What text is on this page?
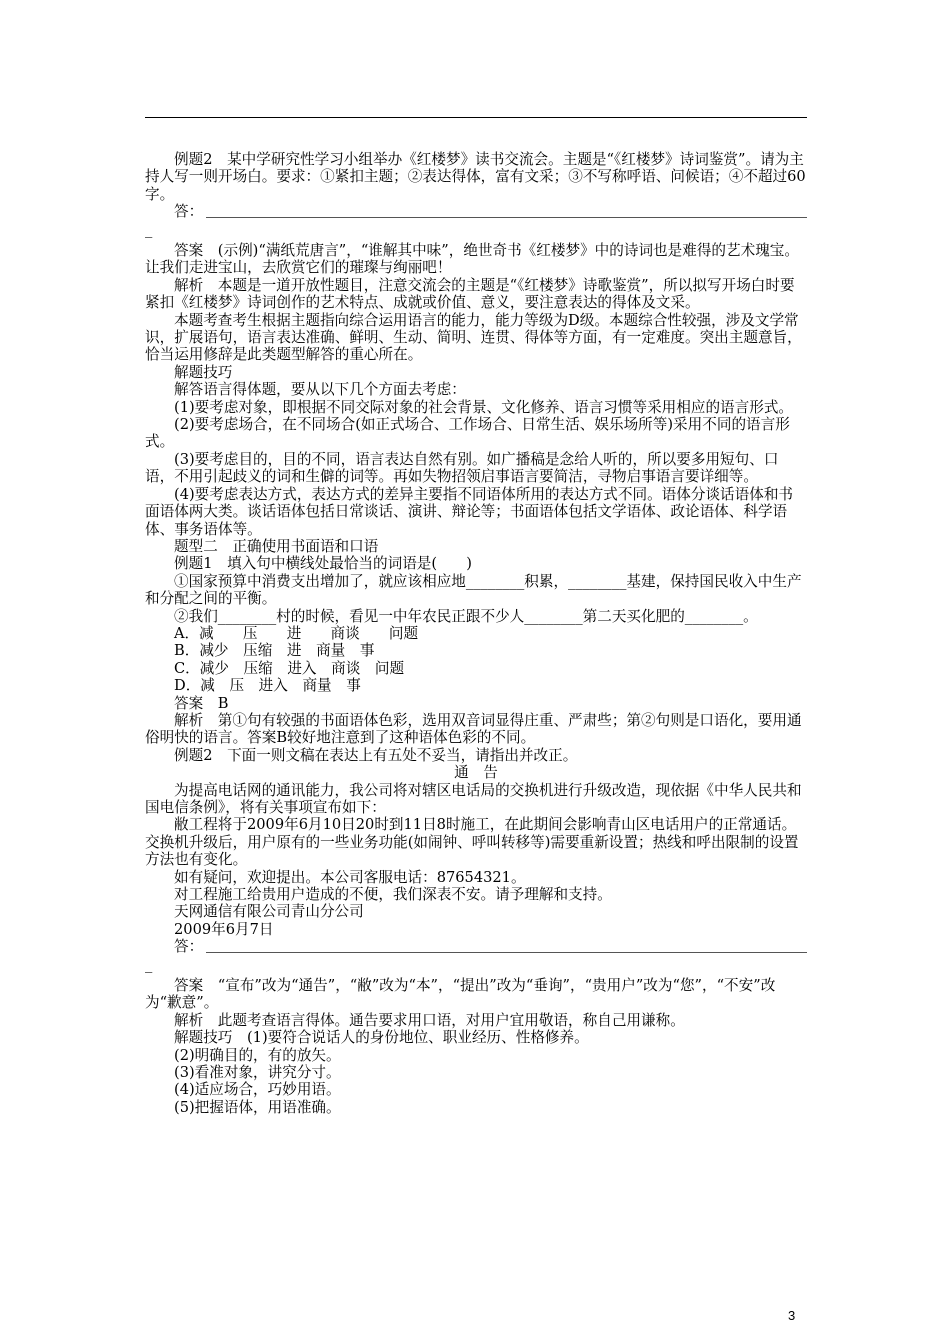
例题2　某中学研究性学习小组举办《红楼梦》读书交流会。主题是“《红楼梦》诗词鉴赏”。请为主持人写一则开场白。要求：①紧扣主题；②表达得体，富有文采；③不写称呼语、问候语；④不超过60字。

答：
_

答案　(示例)“满纸荒唐言”，“谁解其中味”，绝世奇书《红楼梦》中的诗词也是难得的艺术瑰宝。让我们走进宝山，去欣赏它们的璀璨与绚丽吧！

解析　本题是一道开放性题目，注意交流会的主题是“《红楼梦》诗歌鉴赏”，所以拟写开场白时要紧扣《红楼梦》诗词创作的艺术特点、成就或价值、意义，要注意表达的得体及文采。

本题考查考生根据主题指向综合运用语言的能力，能力等级为D级。本题综合性较强，涉及文学常识，扩展语句，语言表达准确、鲜明、生动、简明、连贯、得体等方面，有一定难度。突出主题意旨，恰当运用修辞是此类题型解答的重心所在。

解题技巧

解答语言得体题，要从以下几个方面去考虑：

(1)要考虑对象，即根据不同交际对象的社会背景、文化修养、语言习惯等采用相应的语言形式。

(2)要考虑场合，在不同场合(如正式场合、工作场合、日常生活、娱乐场所等)采用不同的语言形式。

(3)要考虑目的，目的不同，语言表达自然有别。如广播稿是念给人听的，所以要多用短句、口语，不用引起歧义的词和生僻的词等。再如失物招领启事语言要简洁，寻物启事语言要详细等。

(4)要考虑表达方式，表达方式的差异主要指不同语体所用的表达方式不同。语体分谈话语体和书面语体两大类。谈话语体包括日常谈话、演讲、辩论等；书面语体包括文学语体、政论语体、科学语体、事务语体等。

题型二　正确使用书面语和口语

例题1　填入句中横线处最恰当的词语是(　　)

①国家预算中消费支出增加了，就应该相应地________积累，________基建，保持国民收入中生产和分配之间的平衡。

②我们________村的时候，看见一中年农民正跟不少人________第二天买化肥的________。

A．减　　压　　进　　商谈　　问题

B．减少　压缩　进　商量　事

C．减少　压缩　进入　商谈　问题

D．减　压　进入　商量　事

答案　B

解析　第①句有较强的书面语体色彩，选用双音词显得庄重、严肃些；第②句则是口语化，要用通俗明快的语言。答案B较好地注意到了这种语体色彩的不同。

例题2　下面一则文稿在表达上有五处不妥当，请指出并改正。

通　告

为提高电话网的通讯能力，我公司将对辖区电话局的交换机进行升级改造，现依据《中华人民共和国电信条例》，将有关事项宣布如下：

敝工程将于2009年6月10日20时到11日8时施工，在此期间会影响青山区电话用户的正常通话。交换机升级后，用户原有的一些业务功能(如闹钟、呼叫转移等)需要重新设置；热线和呼出限制的设置方法也有变化。

如有疑问，欢迎提出。本公司客服电话：87654321。

对工程施工给贵用户造成的不便，我们深表不安。请予理解和支持。

天网通信有限公司青山分公司

2009年6月7日

答：
_

答案　“宣布”改为“通告”，“敝”改为“本”，“提出”改为“垂询”，“贵用户”改为“您”，“不安”改为“歉意”。

解析　此题考查语言得体。通告要求用口语，对用户宜用敬语，称自己用谦称。

解题技巧　(1)要符合说话人的身份地位、职业经历、性格修养。

(2)明确目的，有的放矢。

(3)看准对象，讲究分寸。

(4)适应场合，巧妙用语。

(5)把握语体，用语准确。

3
